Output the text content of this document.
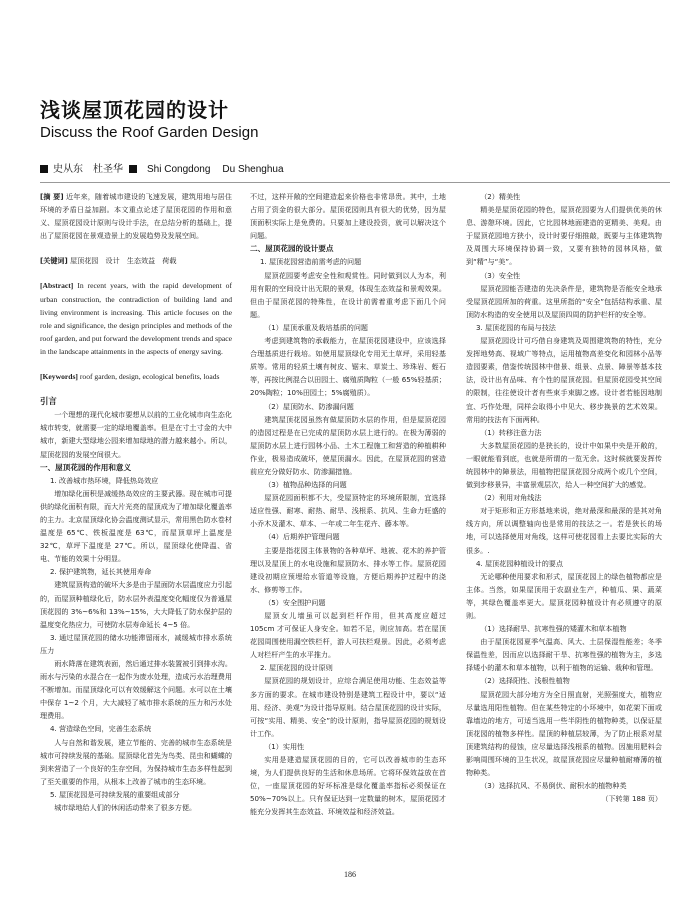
浅谈屋顶花园的设计
Discuss the Roof Garden Design
史从东　杜圣华 Shi Congdong Du Shenghua
[摘 要] 近年来，随着城市建设的飞速发展，建筑用地与居住环境的矛盾日益加剧。本文重点论述了屋顶花园的作用和意义、屋顶花园设计原则与设计手法，在总结分析的基础上，提出了屋顶花园在景观造景上的发展趋势及发展空间。
[关键词] 屋顶花园　设计　生态效益　荷载
[Abstract] In recent years, with the rapid development of urban construction, the contradiction of building land and living environment is increasing. This article focuses on the role and significance, the design principles and methods of the roof garden, and put forward the development trends and space in the landscape attainments in the aspects of energy saving.
[Keywords] roof garden, design, ecological benefits, loads

引言

一个理想的现代化城市要想从以前的工业化城市向生态化城市转变，就需要一定的绿地覆盖率。但是在寸土寸金的大中城市，新建大型绿地公园来增加绿地的潜力越来越小。所以，屋顶花园的发展空间很大。

一、屋顶花园的作用和意义

1. 改善城市热环境，降低热岛效应

增加绿化面积是减缓热岛效应的主要武器。现在城市可提供的绿化面积有限，而大片光亮的屋顶成为了增加绿化覆盖率的主力。北京屋顶绿化协会温度测试显示，常用黑色防水卷材温度是 65℃、铁板温度是 63℃，而屋顶草坪上温度是 32℃，草坪下温度是 27℃。所以，屋顶绿化使降温、省电、节能的效果十分明显。

2. 保护建筑物，延长其使用寿命

建筑屋顶构造的破坏大多是由于屋面防水层温度应力引起的，而屋顶种植绿化后，防水层外表温度变化幅度仅为普通屋顶花园的 3%~6%和 13%~15%，大大降低了防水保护层的温度变化热应力，可使防水层寿命延长 4~5 倍。

3. 通过屋顶花园的储水功能滞留雨水，减缓城市排水系统压力

雨水降落在建筑表面，然后通过排水装置被引到排水沟。雨水与污染的水混合在一起作为废水处理，造成污水治理费用不断增加。而屋顶绿化可以有效缓解这个问题。水可以在土壤中保存 1~2 个月，大大减轻了城市排水系统的压力和污水处理费用。

4. 营造绿色空间，完善生态系统

人与自然和谐发展，建立节能的、完善的城市生态系统是城市可持续发展的基础。屋顶绿化首先为鸟类、昆虫和蝴蝶的到来营造了一个良好的生存空间，为保持城市生态多样性起到了至关重要的作用，从根本上改善了城市的生态环境。

5. 屋顶花园是可持续发展的重要组成部分

城市绿地给人们的休闲活动带来了很多方便。

不过，这样开敞的空间建造起来价格也非常昂贵。其中，土地占用了资金的很大部分。屋顶花园则具有很大的优势，因为屋顶面积实际上是免费的。只要加上建设投资，就可以解决这个问题。

二、屋顶花园的设计要点

1. 屋顶花园营造前需考虑的问题

屋顶花园要考虑安全性和观赏性。同时做到以人为本，利用有限的空间设计出无限的景观，体现生态效益和景观效果。但由于屋顶花园的特殊性，在设计前需着重考虑下面几个问题。

（1）屋顶承重及栽培基质的问题

考虑到建筑物的承载能力，在屋顶花园建设中，应该选择合理基质进行栽培。如使用屋顶绿化专用无土草坪，采用轻基质等。常用的轻质土壤有树皮、锯末、草炭土、珍珠岩、蛭石等，再按比例混合以田园土、腐殖质陶粒（一般 65%轻基质；20%陶粒；10%田园土；5%腐殖质）。

（2）屋顶防水、防渗漏问题

建筑屋顶花园虽然有做屋顶防水层的作用，但是屋顶花园的造园过程是在已完成的屋顶防水层上进行的。在极为薄弱的屋顶防水层上进行园林小品、土木工程施工和营造的种植耕种作业，极易造成破坏，使屋顶漏水。因此，在屋顶花园的营造前应充分做好防水、防渗漏措施。

（3）植物品种选择的问题

屋顶花园面积都不大，受屋顶特定的环境所限制，宜选择适应性强、耐寒、耐热、耐旱、浅根系、抗风、生命力旺盛的小乔木及灌木、草本、一年或二年生花卉、藤本等。

（4）后期养护管理问题

主要是指花园主体景物的各种草坪、地被、花木的养护管理以及屋顶上的水电设施和屋顶防水、排水等工作。屋顶花园建设初期应预埋给水管道等设施，方便后期养护过程中的浇水、修剪等工作。

（5）安全围护问题

屋顶女儿墙虽可以起到栏杆作用，但其高度应超过 105cm 才可保证人身安全。如若不足，则应加高。若在屋顶花园周围使用漏空铁栏杆，游人可扶栏观景。因此，必须考虑人对栏杆产生的水平推力。

2. 屋顶花园的设计原则

屋顶花园的规划设计，应综合满足使用功能、生态效益等多方面的要求。在城市建设特别是建筑工程设计中，要以“适用、经济、美观”为设计指导原则。结合屋顶花园的设计实际，可按“实用、精美、安全”的设计原则，指导屋顶花园的规划设计工作。

（1）实用性

实用是建造屋顶花园的目的，它可以改善城市的生态环境，为人们提供良好的生活和休息场所。它将环保效益放在首位，一座屋顶花园的好坏标准是绿化覆盖率指标必须保证在 50%~70%以上。只有保证达到一定数量的树木，屋顶花园才能充分发挥其生态效益、环境效益和经济效益。

（2）精美性

精美是屋顶花园的特色，屋顶花园要为人们提供优美的休息、游憩环境。因此，它比园林地面建造的更精美、美观。由于屋顶花园地方狭小，设计时要仔细推敲，既要与主体建筑物及周围大环境保持协调一致，又要有独特的园林风格，做到“精”与“美”。

（3）安全性

屋顶花园能否建造的先决条件是，建筑物是否能安全地承受屋顶花园所加的荷重。这里所指的“安全”包括结构承重、屋顶防水构造的安全使用以及屋顶四周的防护栏杆的安全等。

3. 屋顶花园的布局与技法

屋顶花园设计可巧借自身建筑及周围建筑物的特性，充分发挥地势高、视域广等特点，运用植物高差变化和园林小品等造园要素，借鉴传统园林中借景、组景、点景、障景等基本技法，设计出有品味、有个性的屋顶花园。但屋顶花园受其空间的限制，往往使设计者有些束手束脚之感。设计者若能因地制宜、巧作处理，同样会取得小中见大、移步换景的艺术效果。常用的技法有下面两种。

（1）转移注意力法

大多数屋顶花园的是狭长的，设计中如果中央是开敞的，一眼就能看到底，也就是所谓的一览无余。这时候就要发挥传统园林中的障景法，用植物把屋顶花园分成两个或几个空间，做到步移景异，丰富景观层次，给人一种空间扩大的感觉。

（2）利用对角线法

对于矩形和正方形基地来说，绝对最深和最深的是其对角线方向，所以调整轴向也是常用的技法之一。若是狭长的场地，可以选择使用对角线，这样可使花园看上去要比实际的大很多。.

4. 屋顶花园种植设计的要点

无论哪种使用要求和形式，屋顶花园上的绿色植物都应是主体。当然，如果屋顶用于农副业生产，种植瓜、果、蔬菜等，其绿色覆盖率更大。屋顶花园种植设计有必须遵守的原则。

（1）选择耐旱、抗寒性强的矮灌木和草本植物

由于屋顶花园夏季气温高、风大、土层保湿性能差；冬季保温性差，因而应以选择耐干旱、抗寒性强的植物为主，多选择矮小的灌木和草本植物，以利于植物的运输、栽种和管理。

（2）选择阳性、浅根性植物

屋顶花园大部分地方为全日照直射，光照强度大，植物应尽量选用阳性植物。但在某些特定的小环境中，如花架下面或靠墙边的地方，可适当选用一些半阴性的植物种类，以保证屋顶花园的植物多样性。屋顶的种植层较薄，为了防止根系对屋顶建筑结构的侵蚀，应尽量选择浅根系的植物。因施用肥料会影响周围环境的卫生状况，故屋顶花园应尽量种植耐瘠薄的植物种类。

（3）选择抗风、不易倒伏、耐积水的植物种类

（下转第 188 页）

186
